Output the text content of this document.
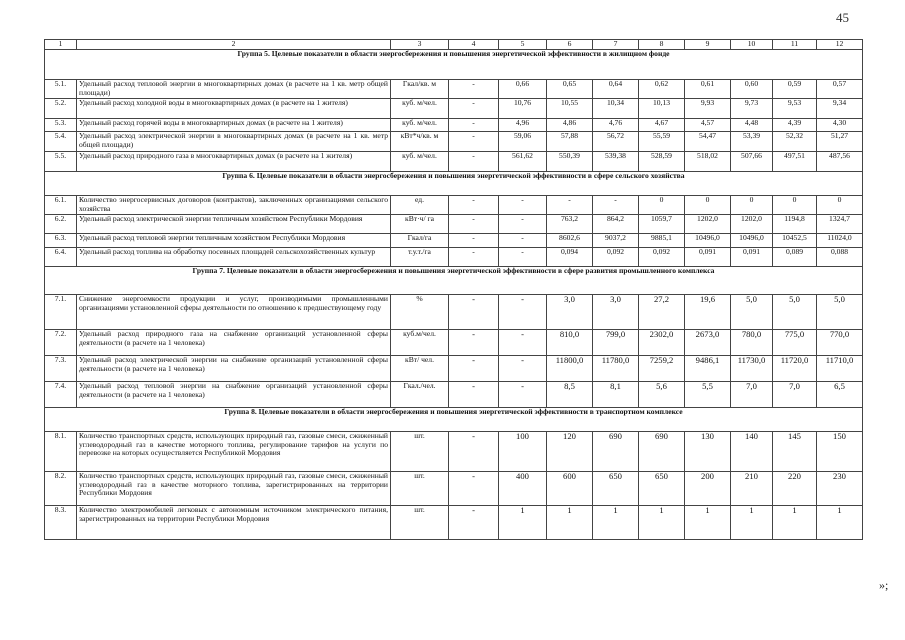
45
1	2	3	4	5	6	7	8	9	10	11	12
Группа 5. Целевые показатели в области энергосбережения и повышения энергетической эффективности в жилищном фонде											
5.1.	Удельный расход тепловой энергии в многоквартирных домах (в расчете на 1 кв. метр общей площади)	Гкал/кв. м	-	0,66	0,65	0,64	0,62	0,61	0,60	0,59	0,57
5.2.	Удельный расход холодной воды в многоквартирных домах (в расчете на 1 жителя)	куб. м/чел.	-	10,76	10,55	10,34	10,13	9,93	9,73	9,53	9,34
5.3.	Удельный расход горячей воды в многоквартирных домах (в расчете на 1 жителя)	куб. м/чел.	-	4,96	4,86	4,76	4,67	4,57	4,48	4,39	4,30
5.4.	Удельный расход электрической энергии в многоквартирных домах (в расчете на 1 кв. метр общей площади)	кВт*ч/кв. м	-	59,06	57,88	56,72	55,59	54,47	53,39	52,32	51,27
5.5.	Удельный расход природного газа в многоквартирных домах (в расчете на 1 жителя)	куб. м/чел.	-	561,62	550,39	539,38	528,59	518,02	507,66	497,51	487,56
Группа 6. Целевые показатели в области энергосбережения и повышения энергетической эффективности в сфере сельского хозяйства											
6.1.	Количество энергосервисных договоров (контрактов), заключенных организациями сельского хозяйства	ед.	-	-	-	-	0	0	0	0	0
6.2.	Удельный расход электрической энергии тепличным хозяйством Республики Мордовия	кВт·ч/ га	-	-	763,2	864,2	1059,7	1202,0	1202,0	1194,8	1324,7
6.3.	Удельный расход тепловой энергии тепличным хозяйством Республики Мордовия	Гкал/га	-	-	8602,6	9037,2	9885,1	10496,0	10496,0	10452,5	11024,0
6.4.	Удельный расход топлива на обработку посевных площадей сельскохозяйственных культур	т.у.т./га	-	-	0,094	0,092	0,092	0,091	0,091	0,089	0,088
Группа 7. Целевые показатели в области энергосбережения и повышения энергетической эффективности в сфере развития промышленного комплекса											
7.1.	Снижение энергоемкости продукции и услуг, производимыми промышленными организациями установленной сферы деятельности по отношению к предшествующему году	%	-	-	3,0	3,0	27,2	19,6	5,0	5,0	5,0
7.2.	Удельный расход природного газа на снабжение организаций установленной сферы деятельности (в расчете на 1 человека)	куб.м/чел.	-	-	810,0	799,0	2302,0	2673,0	780,0	775,0	770,0
7.3.	Удельный расход электрической энергии на снабжение организаций установленной сферы деятельности (в расчете на 1 человека)	кВт/ чел.	-	-	11800,0	11780,0	7259,2	9486,1	11730,0	11720,0	11710,0
7.4.	Удельный расход тепловой энергии на снабжение организаций установленной сферы деятельности (в расчете на 1 человека)	Гкал./чел.	-	-	8,5	8,1	5,6	5,5	7,0	7,0	6,5
Группа 8. Целевые показатели в области энергосбережения и повышения энергетической эффективности в транспортном комплексе											
8.1.	Количество транспортных средств, использующих природный газ, газовые смеси, сжиженный углеводородный газ в качестве моторного топлива, регулирование тарифов на услуги по перевозке на которых осуществляется Республикой Мордовия	шт.	-	100	120	690	690	130	140	145	150
8.2.	Количество транспортных средств, использующих природный газ, газовые смеси, сжиженный углеводородный газ в качестве моторного топлива, зарегистрированных на территории Республики Мордовия	шт.	-	400	600	650	650	200	210	220	230
8.3.	Количество электромобилей легковых с автономным источником электрического питания, зарегистрированных на территории Республики Мордовия	шт.	-	1	1	1	1	1	1	1	1
»;
